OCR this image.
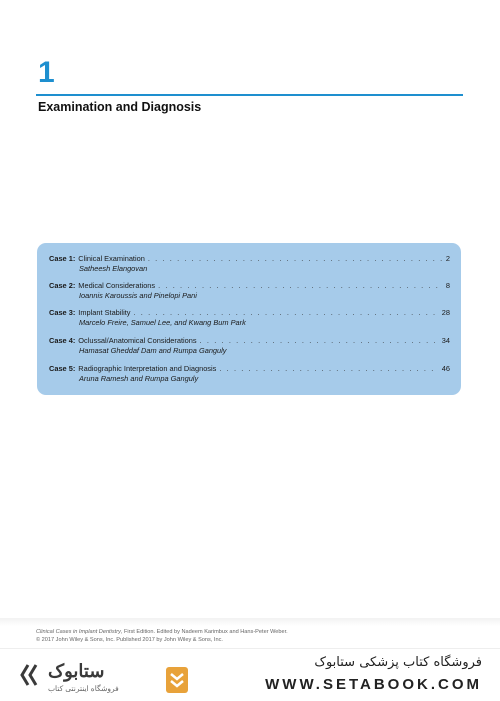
1
Examination and Diagnosis
Case 1: Clinical Examination . . .	2
Satheesh Elangovan
Case 2: Medical Considerations . . .	8
Ioannis Karoussis and Pinelopi Pani
Case 3: Implant Stability . . .	28
Marcelo Freire, Samuel Lee, and Kwang Bum Park
Case 4: Oclussal/Anatomical Considerations . . .	34
Hamasat Gheddaf Dam and Rumpa Ganguly
Case 5: Radiographic Interpretation and Diagnosis . . .	46
Aruna Ramesh and Rumpa Ganguly
Clinical Cases in Implant Dentistry, First Edition. Edited by Nadeem Karimbux and Hans-Peter Weber.
© 2017 John Wiley & Sons, Inc. Published 2017 by John Wiley & Sons, Inc.
ستابوک
فروشگاه اینترنتی کتاب
فروشگاه کتاب پزشکی ستابوک
WWW.SETABOOK.COM
